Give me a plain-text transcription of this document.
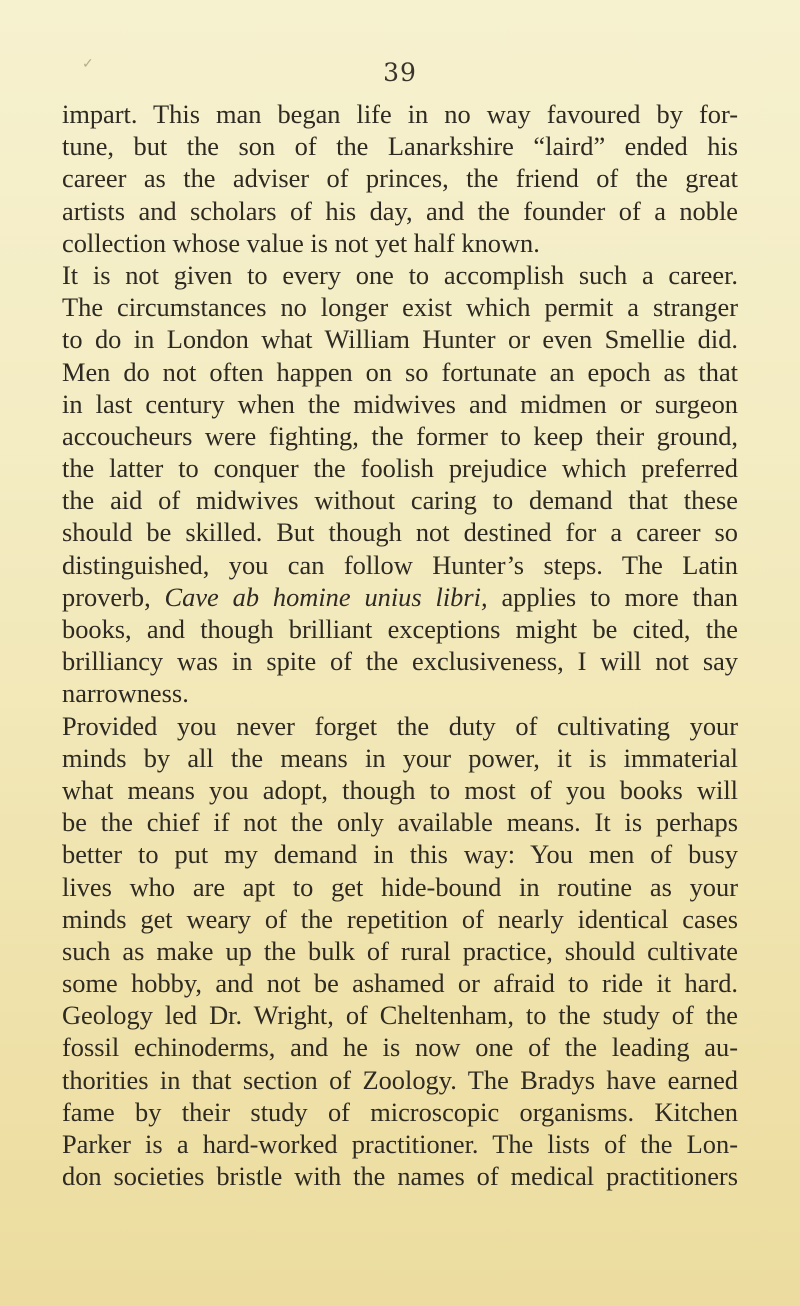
✓	39
impart. This man began life in no way favoured by for-
tune, but the son of the Lanarkshire “laird” ended his
career as the adviser of princes, the friend of the great
artists and scholars of his day, and the founder of a noble
collection whose value is not yet half known.
It is not given to every one to accomplish such a career.
The circumstances no longer exist which permit a stranger
to do in London what William Hunter or even Smellie did.
Men do not often happen on so fortunate an epoch as that
in last century when the midwives and midmen or surgeon
accoucheurs were fighting, the former to keep their ground,
the latter to conquer the foolish prejudice which preferred
the aid of midwives without caring to demand that these
should be skilled. But though not destined for a career so
distinguished, you can follow Hunter’s steps. The Latin
proverb, Cave ab homine unius libri, applies to more than
books, and though brilliant exceptions might be cited, the
brilliancy was in spite of the exclusiveness, I will not say
narrowness.
Provided you never forget the duty of cultivating your
minds by all the means in your power, it is immaterial
what means you adopt, though to most of you books will
be the chief if not the only available means. It is perhaps
better to put my demand in this way: You men of busy
lives who are apt to get hide-bound in routine as your
minds get weary of the repetition of nearly identical cases
such as make up the bulk of rural practice, should cultivate
some hobby, and not be ashamed or afraid to ride it hard.
Geology led Dr. Wright, of Cheltenham, to the study of the
fossil echinoderms, and he is now one of the leading au-
thorities in that section of Zoology. The Bradys have earned
fame by their study of microscopic organisms. Kitchen
Parker is a hard-worked practitioner. The lists of the Lon-
don societies bristle with the names of medical practitioners
